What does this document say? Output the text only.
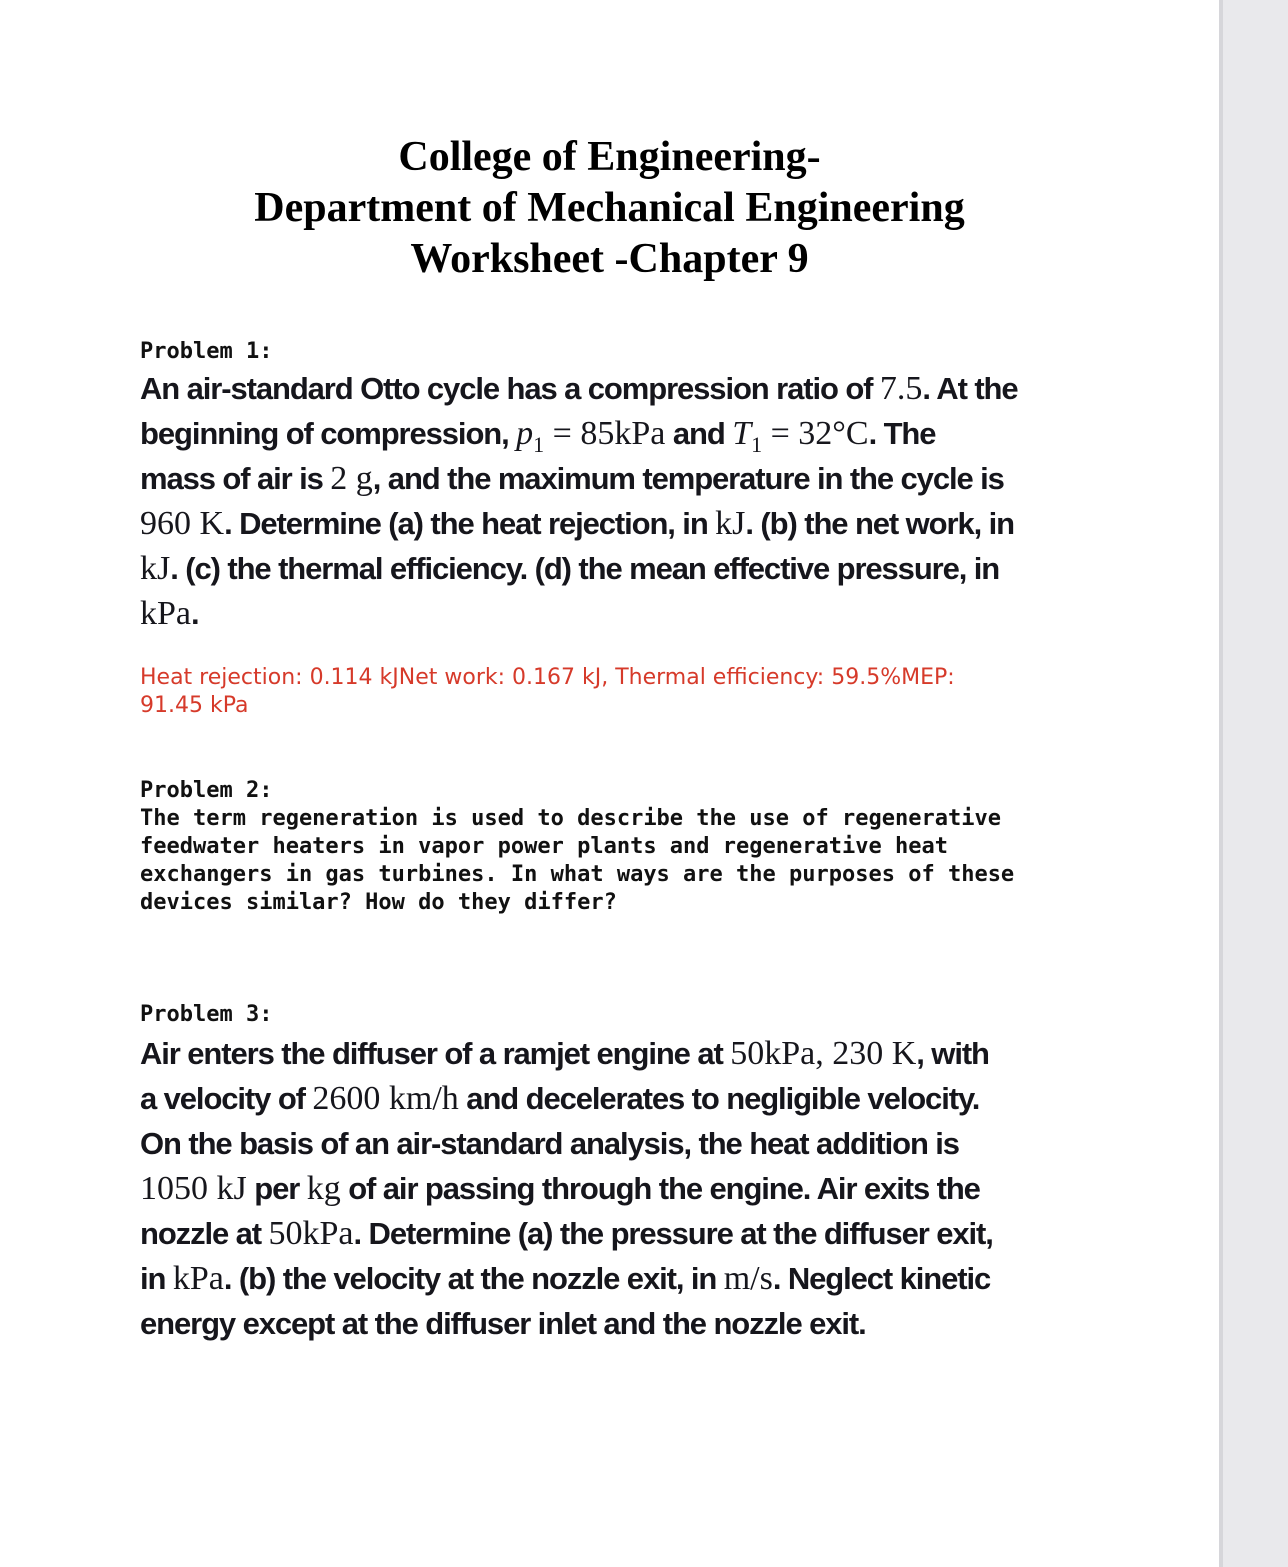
College of Engineering-
Department of Mechanical Engineering
Worksheet -Chapter 9
Problem 1:
An air-standard Otto cycle has a compression ratio of 7.5. At the
beginning of compression, $p_1 = 85kPa$ and $T_1 = 32^\circ C$. The
mass of air is 2 g, and the maximum temperature in the cycle is
960 K. Determine (a) the heat rejection, in kJ. (b) the net work, in
kJ. (c) the thermal efficiency. (d) the mean effective pressure, in
kPa.
Heat rejection: 0.114 kJNet work: 0.167 kJ, Thermal efficiency: 59.5%MEP:
91.45 kPa
Problem 2:
The term regeneration is used to describe the use of regenerative
feedwater heaters in vapor power plants and regenerative heat
exchangers in gas turbines. In what ways are the purposes of these
devices similar? How do they differ?
Problem 3:
Air enters the diffuser of a ramjet engine at 50kPa, 230 K, with
a velocity of 2600 km/h and decelerates to negligible velocity.
On the basis of an air-standard analysis, the heat addition is
1050 kJ per kg of air passing through the engine. Air exits the
nozzle at 50kPa. Determine (a) the pressure at the diffuser exit,
in kPa. (b) the velocity at the nozzle exit, in m/s. Neglect kinetic
energy except at the diffuser inlet and the nozzle exit.
